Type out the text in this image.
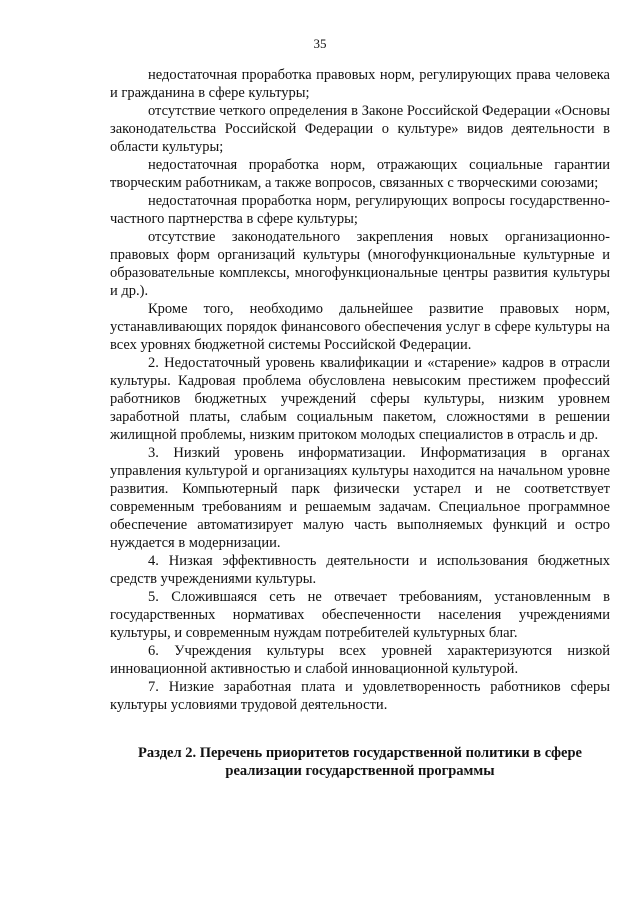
35

недостаточная проработка правовых норм, регулирующих права человека и гражданина в сфере культуры;

отсутствие четкого определения в Законе Российской Федерации «Основы законодательства Российской Федерации о культуре» видов деятельности в области культуры;

недостаточная проработка норм, отражающих социальные гарантии творческим работникам, а также вопросов, связанных с творческими союзами;

недостаточная проработка норм, регулирующих вопросы государственно-частного партнерства в сфере культуры;

отсутствие законодательного закрепления новых организационно-правовых форм организаций культуры (многофункциональные культурные и образовательные комплексы, многофункциональные центры развития культуры и др.).

Кроме того, необходимо дальнейшее развитие правовых норм, устанавливающих порядок финансового обеспечения услуг в сфере культуры на всех уровнях бюджетной системы Российской Федерации.

2. Недостаточный уровень квалификации и «старение» кадров в отрасли культуры. Кадровая проблема обусловлена невысоким престижем профессий работников бюджетных учреждений сферы культуры, низким уровнем заработной платы, слабым социальным пакетом, сложностями в решении жилищной проблемы, низким притоком молодых специалистов в отрасль и др.

3. Низкий уровень информатизации. Информатизация в органах управления культурой и организациях культуры находится на начальном уровне развития. Компьютерный парк физически устарел и не соответствует современным требованиям и решаемым задачам. Специальное программное обеспечение автоматизирует малую часть выполняемых функций и остро нуждается в модернизации.

4. Низкая эффективность деятельности и использования бюджетных средств учреждениями культуры.

5. Сложившаяся сеть не отвечает требованиям, установленным в государственных нормативах обеспеченности населения учреждениями культуры, и современным нуждам потребителей культурных благ.

6. Учреждения культуры всех уровней характеризуются низкой инновационной активностью и слабой инновационной культурой.

7. Низкие заработная плата и удовлетворенность работников сферы культуры условиями трудовой деятельности.

Раздел 2. Перечень приоритетов государственной политики в сфере реализации государственной программы
